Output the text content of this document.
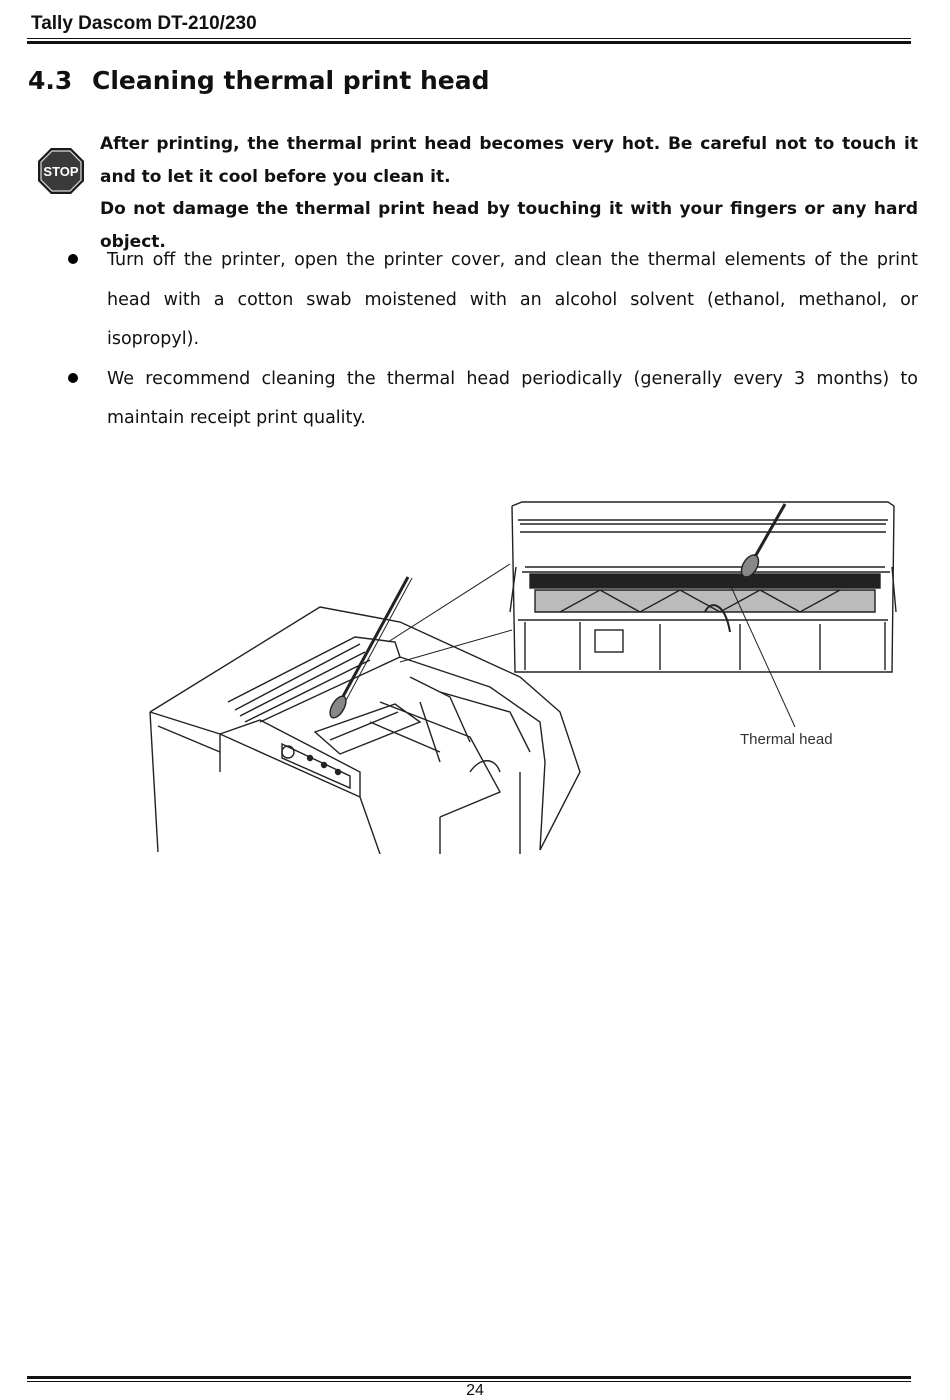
Tally Dascom DT-210/230
4.3 Cleaning thermal print head
STOP

After printing, the thermal print head becomes very hot. Be careful not to touch it and to let it cool before you clean it.

Do not damage the thermal print head by touching it with your fingers or any hard object.

Turn off the printer, open the printer cover, and clean the thermal elements of the print head with a cotton swab moistened with an alcohol solvent (ethanol, methanol, or isopropyl).
We recommend cleaning the thermal head periodically (generally every 3 months) to maintain receipt print quality.
Thermal head
24
